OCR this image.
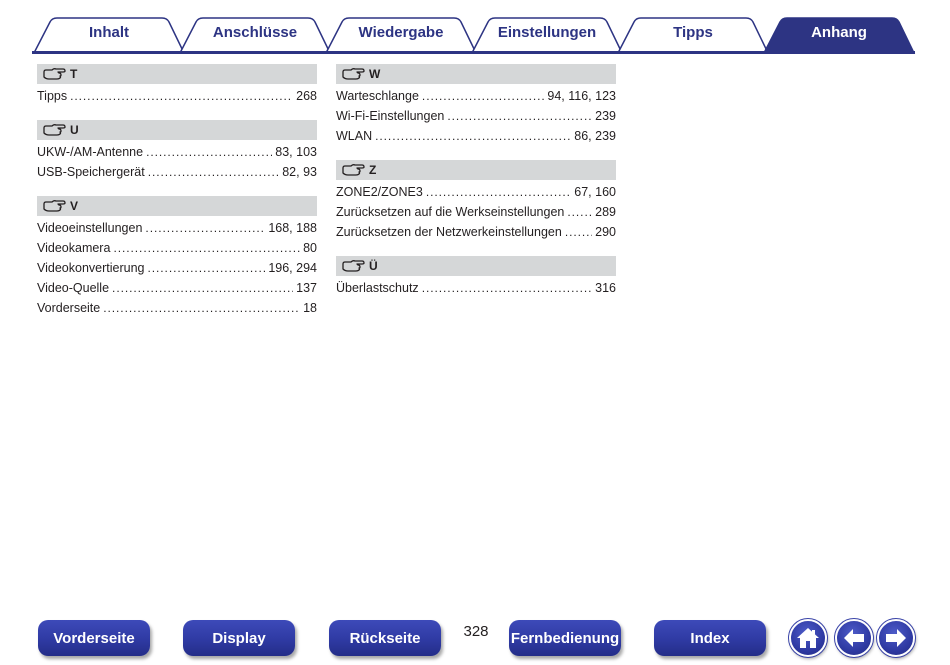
Inhalt	Anschlüsse	Wiedergabe	Einstellungen	Tipps	Anhang
T
Tipps . . .	268
U
UKW-/AM-Antenne . . .	83, 103
USB-Speichergerät . . .	82, 93
V
Videoeinstellungen . . .	168, 188
Videokamera . . .	80
Videokonvertierung . . .	196, 294
Video-Quelle . . .	137
Vorderseite . . .	18
W
Warteschlange . . .	94, 116, 123
Wi-Fi-Einstellungen . . .	239
WLAN . . .	86, 239
Z
ZONE2/ZONE3 . . .	67, 160
Zurücksetzen auf die Werkseinstellungen . . . 289
Zurücksetzen der Netzwerkeinstellungen . . .	290
Ü
Überlastschutz . . .	316
Vorderseite	Display	Rückseite	328	Fernbedienung	Index
